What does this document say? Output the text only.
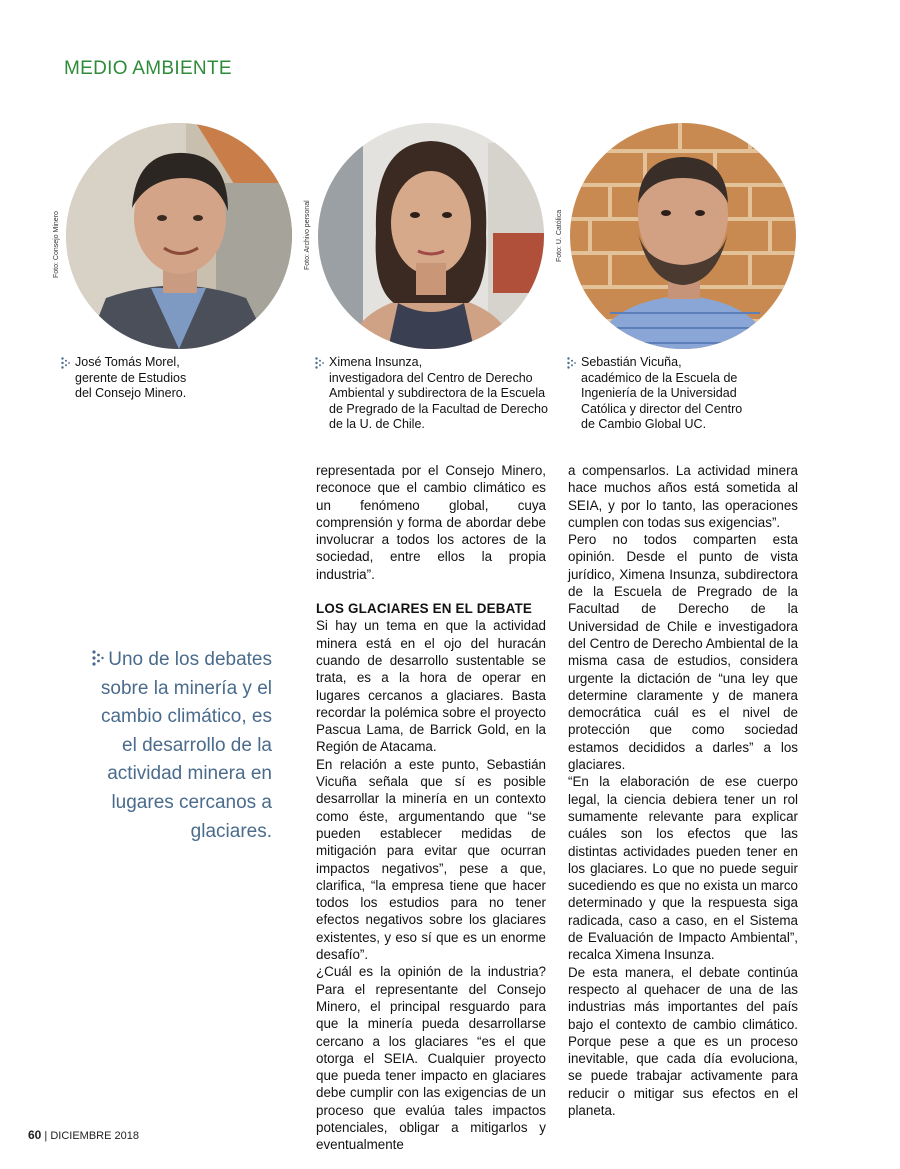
MEDIO AMBIENTE
Foto: Consejo Minero	Foto: Archivo personal	Foto: U. Católica
José Tomás Morel,
gerente de Estudios
del Consejo Minero.
Ximena Insunza,
investigadora del Centro de Derecho
Ambiental y subdirectora de la Escuela
de Pregrado de la Facultad de Derecho
de la U. de Chile.
Sebastián Vicuña,
académico de la Escuela de
Ingeniería de la Universidad
Católica y director del Centro
de Cambio Global UC.
Uno de los debates sobre la minería y el cambio climático, es el desarrollo de la actividad minera en lugares cercanos a glaciares.

representada por el Consejo Minero, reconoce que el cambio climático es un fenómeno global, cuya comprensión y forma de abordar debe involucrar a todos los actores de la sociedad, entre ellos la propia industria”.

LOS GLACIARES EN EL DEBATE

Si hay un tema en que la actividad minera está en el ojo del huracán cuando de desarrollo sustentable se trata, es a la hora de operar en lugares cercanos a glaciares. Basta recordar la polémica sobre el proyecto Pascua Lama, de Barrick Gold, en la Región de Atacama.

En relación a este punto, Sebastián Vicuña señala que sí es posible desarrollar la minería en un contexto como éste, argumentando que “se pueden establecer medidas de mitigación para evitar que ocurran impactos negativos”, pese a que, clarifica, “la empresa tiene que hacer todos los estudios para no tener efectos negativos sobre los glaciares existentes, y eso sí que es un enorme desafío”.

¿Cuál es la opinión de la industria? Para el representante del Consejo Minero, el principal resguardo para que la minería pueda desarrollarse cercano a los glaciares “es el que otorga el SEIA. Cualquier proyecto que pueda tener impacto en glaciares debe cumplir con las exigencias de un proceso que evalúa tales impactos potenciales, obligar a mitigarlos y eventualmente

a compensarlos. La actividad minera hace muchos años está sometida al SEIA, y por lo tanto, las operaciones cumplen con todas sus exigencias”.

Pero no todos comparten esta opinión. Desde el punto de vista jurídico, Ximena Insunza, subdirectora de la Escuela de Pregrado de la Facultad de Derecho de la Universidad de Chile e investigadora del Centro de Derecho Ambiental de la misma casa de estudios, considera urgente la dictación de “una ley que determine claramente y de manera democrática cuál es el nivel de protección que como sociedad estamos decididos a darles” a los glaciares.

“En la elaboración de ese cuerpo legal, la ciencia debiera tener un rol sumamente relevante para explicar cuáles son los efectos que las distintas actividades pueden tener en los glaciares. Lo que no puede seguir sucediendo es que no exista un marco determinado y que la respuesta siga radicada, caso a caso, en el Sistema de Evaluación de Impacto Ambiental”, recalca Ximena Insunza.

De esta manera, el debate continúa respecto al quehacer de una de las industrias más importantes del país bajo el contexto de cambio climático. Porque pese a que es un proceso inevitable, que cada día evoluciona, se puede trabajar activamente para reducir o mitigar sus efectos en el planeta.

60 | DICIEMBRE 2018
